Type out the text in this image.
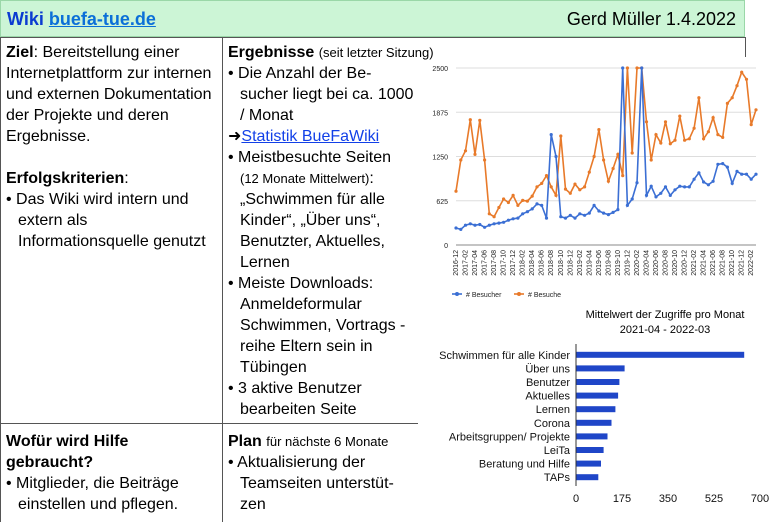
Wiki buefa-tue.de	Gerd Müller 1.4.2022
Ziel: Bereitstellung einer Internetplattform zur internen und externen Dokumentation der Projekte und deren Ergebnisse.
Erfolgskriterien:
• Das Wiki wird intern und extern als Informationsquelle genutzt
Ergebnisse (seit letzter Sitzung)
• Die Anzahl der Be-sucher liegt bei ca. 1000 / Monat
➜Statistik BueFaWiki
• Meistbesuchte Seiten
(12 Monate Mittelwert):
„Schwimmen für alle Kinder“, „Über uns“, Benutzter, Aktuelles, Lernen
• Meiste Downloads: Anmeldeformular Schwimmen, Vortrags -reihe Eltern sein in Tübingen
• 3 aktive Benutzer bearbeiten Seite
Wofür wird Hilfe gebraucht?
• Mitglieder, die Beiträge einstellen und pflegen.
Plan für nächste 6 Monate
• Aktualisierung der Teamseiten unterstüt-zen
0
625
1250
1875
2500
2016-12 2017-02 2017-04 2017-06 2017-08 2017-10 2017-12 2018-02 2018-04 2018-06 2018-08 2018-10 2018-12 2019-02 2019-04 2019-06 2019-08 2019-10 2019-12 2020-02 2020-04 2020-06 2020-08 2020-10 2020-12 2021-02 2021-04 2021-06 2021-08 2021-10 2021-12 2022-02
# Besucher	# Besuche
Mittelwert der Zugriffe pro Monat
2021-04 - 2022-03
Schwimmen für alle Kinder
Über uns
Benutzer
Aktuelles
Lernen
Corona
Arbeitsgruppen/ Projekte
LeiTa
Beratung und Hilfe
TAPs
0	175	350	525	700
